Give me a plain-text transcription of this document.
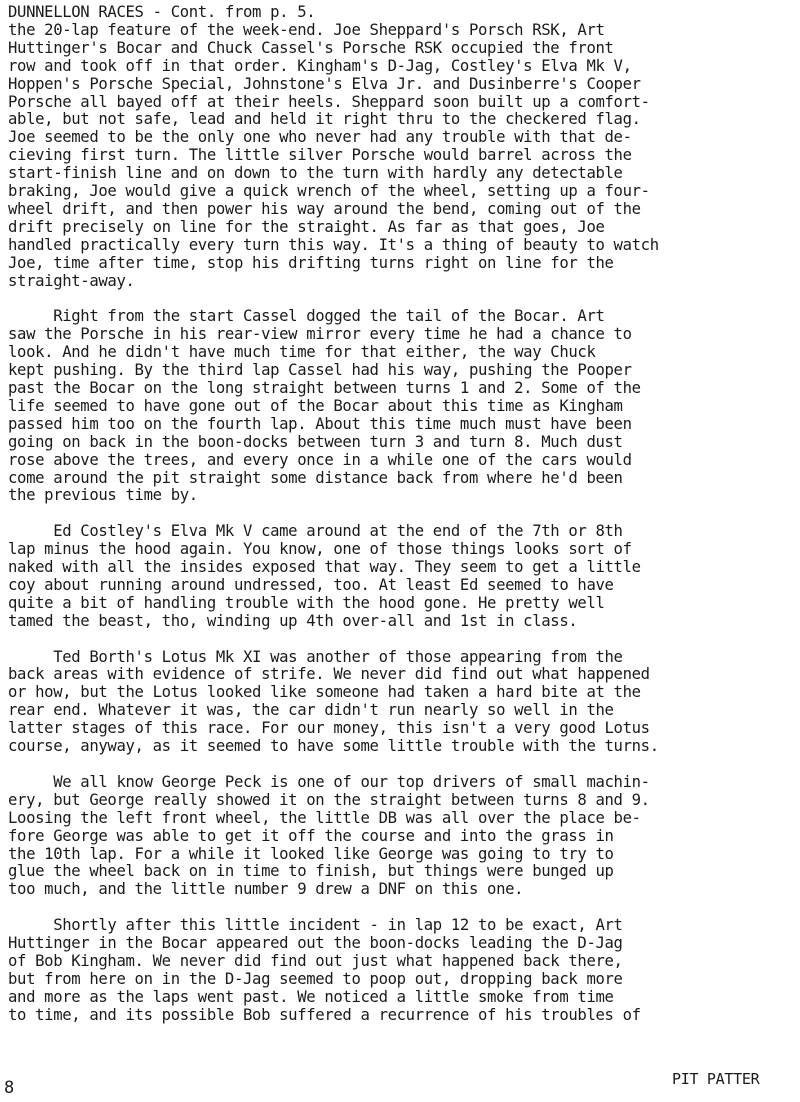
DUNNELLON RACES - Cont. from p. 5.
the 20-lap feature of the week-end. Joe Sheppard's Porsch RSK, Art
Huttinger's Bocar and Chuck Cassel's Porsche RSK occupied the front
row and took off in that order. Kingham's D-Jag, Costley's Elva Mk V,
Hoppen's Porsche Special, Johnstone's Elva Jr. and Dusinberre's Cooper
Porsche all bayed off at their heels. Sheppard soon built up a comfort-
able, but not safe, lead and held it right thru to the checkered flag.
Joe seemed to be the only one who never had any trouble with that de-
cieving first turn. The little silver Porsche would barrel across the
start-finish line and on down to the turn with hardly any detectable
braking, Joe would give a quick wrench of the wheel, setting up a four-
wheel drift, and then power his way around the bend, coming out of the
drift precisely on line for the straight. As far as that goes, Joe
handled practically every turn this way. It's a thing of beauty to watch
Joe, time after time, stop his drifting turns right on line for the
straight-away.
Right from the start Cassel dogged the tail of the Bocar. Art
saw the Porsche in his rear-view mirror every time he had a chance to
look. And he didn't have much time for that either, the way Chuck
kept pushing. By the third lap Cassel had his way, pushing the Pooper
past the Bocar on the long straight between turns 1 and 2. Some of the
life seemed to have gone out of the Bocar about this time as Kingham
passed him too on the fourth lap. About this time much must have been
going on back in the boon-docks between turn 3 and turn 8. Much dust
rose above the trees, and every once in a while one of the cars would
come around the pit straight some distance back from where he'd been
the previous time by.
Ed Costley's Elva Mk V came around at the end of the 7th or 8th
lap minus the hood again. You know, one of those things looks sort of
naked with all the insides exposed that way. They seem to get a little
coy about running around undressed, too. At least Ed seemed to have
quite a bit of handling trouble with the hood gone. He pretty well
tamed the beast, tho, winding up 4th over-all and 1st in class.
Ted Borth's Lotus Mk XI was another of those appearing from the
back areas with evidence of strife. We never did find out what happened
or how, but the Lotus looked like someone had taken a hard bite at the
rear end. Whatever it was, the car didn't run nearly so well in the
latter stages of this race. For our money, this isn't a very good Lotus
course, anyway, as it seemed to have some little trouble with the turns.
We all know George Peck is one of our top drivers of small machin-
ery, but George really showed it on the straight between turns 8 and 9.
Loosing the left front wheel, the little DB was all over the place be-
fore George was able to get it off the course and into the grass in
the 10th lap. For a while it looked like George was going to try to
glue the wheel back on in time to finish, but things were bunged up
too much, and the little number 9 drew a DNF on this one.
Shortly after this little incident - in lap 12 to be exact, Art
Huttinger in the Bocar appeared out the boon-docks leading the D-Jag
of Bob Kingham. We never did find out just what happened back there,
but from here on in the D-Jag seemed to poop out, dropping back more
and more as the laps went past. We noticed a little smoke from time
to time, and its possible Bob suffered a recurrence of his troubles of
8	PIT PATTER
